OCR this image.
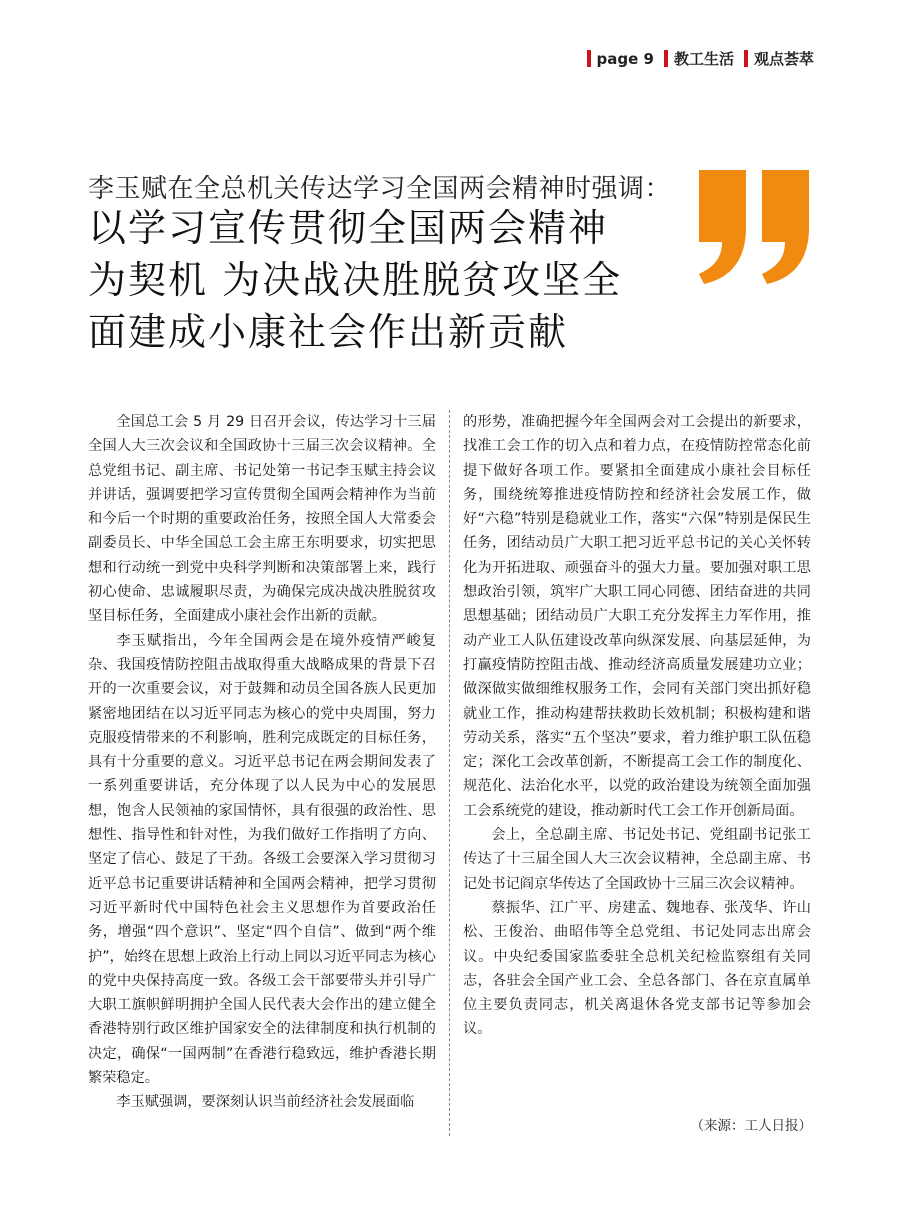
page 9 教工生活 观点荟萃
李玉赋在全总机关传达学习全国两会精神时强调：
以学习宣传贯彻全国两会精神
为契机 为决战决胜脱贫攻坚全
面建成小康社会作出新贡献

全国总工会 5 月 29 日召开会议，传达学习十三届全国人大三次会议和全国政协十三届三次会议精神。全总党组书记、副主席、书记处第一书记李玉赋主持会议并讲话，强调要把学习宣传贯彻全国两会精神作为当前和今后一个时期的重要政治任务，按照全国人大常委会副委员长、中华全国总工会主席王东明要求，切实把思想和行动统一到党中央科学判断和决策部署上来，践行初心使命、忠诚履职尽责，为确保完成决战决胜脱贫攻坚目标任务，全面建成小康社会作出新的贡献。

李玉赋指出，今年全国两会是在境外疫情严峻复杂、我国疫情防控阻击战取得重大战略成果的背景下召开的一次重要会议，对于鼓舞和动员全国各族人民更加紧密地团结在以习近平同志为核心的党中央周围，努力克服疫情带来的不利影响，胜利完成既定的目标任务，具有十分重要的意义。习近平总书记在两会期间发表了一系列重要讲话，充分体现了以人民为中心的发展思想，饱含人民领袖的家国情怀，具有很强的政治性、思想性、指导性和针对性，为我们做好工作指明了方向、坚定了信心、鼓足了干劲。各级工会要深入学习贯彻习近平总书记重要讲话精神和全国两会精神，把学习贯彻习近平新时代中国特色社会主义思想作为首要政治任务，增强“四个意识”、坚定“四个自信”、做到“两个维护”，始终在思想上政治上行动上同以习近平同志为核心的党中央保持高度一致。各级工会干部要带头并引导广大职工旗帜鲜明拥护全国人民代表大会作出的建立健全香港特别行政区维护国家安全的法律制度和执行机制的决定，确保“一国两制”在香港行稳致远，维护香港长期繁荣稳定。

李玉赋强调，要深刻认识当前经济社会发展面临

的形势，准确把握今年全国两会对工会提出的新要求，找准工会工作的切入点和着力点，在疫情防控常态化前提下做好各项工作。要紧扣全面建成小康社会目标任务，围绕统筹推进疫情防控和经济社会发展工作，做好“六稳”特别是稳就业工作，落实“六保”特别是保民生任务，团结动员广大职工把习近平总书记的关心关怀转化为开拓进取、顽强奋斗的强大力量。要加强对职工思想政治引领，筑牢广大职工同心同德、团结奋进的共同思想基础；团结动员广大职工充分发挥主力军作用，推动产业工人队伍建设改革向纵深发展、向基层延伸，为打赢疫情防控阻击战、推动经济高质量发展建功立业；做深做实做细维权服务工作，会同有关部门突出抓好稳就业工作，推动构建帮扶救助长效机制；积极构建和谐劳动关系，落实“五个坚决”要求，着力维护职工队伍稳定；深化工会改革创新，不断提高工会工作的制度化、规范化、法治化水平，以党的政治建设为统领全面加强工会系统党的建设，推动新时代工会工作开创新局面。

会上，全总副主席、书记处书记、党组副书记张工传达了十三届全国人大三次会议精神，全总副主席、书记处书记阎京华传达了全国政协十三届三次会议精神。

蔡振华、江广平、房建孟、魏地春、张茂华、许山松、王俊治、曲昭伟等全总党组、书记处同志出席会议。中央纪委国家监委驻全总机关纪检监察组有关同志，各驻会全国产业工会、全总各部门、各在京直属单位主要负责同志，机关离退休各党支部书记等参加会议。

（来源：工人日报）
